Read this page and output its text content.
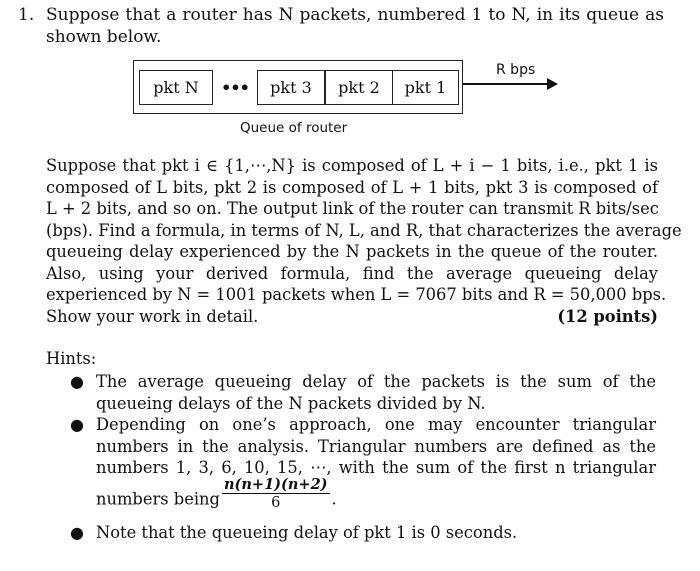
1. Suppose that a router has N packets, numbered 1 to N, in its queue as
shown below.
pkt N	•••	pkt 3	pkt 2	pkt 1
R bps
Queue of router
Suppose that pkt i ∈ {1,⋯,N} is composed of L + i − 1 bits, i.e., pkt 1 is
composed of L bits, pkt 2 is composed of L + 1 bits, pkt 3 is composed of
L + 2 bits, and so on. The output link of the router can transmit R bits/sec
(bps). Find a formula, in terms of N, L, and R, that characterizes the average
queueing delay experienced by the N packets in the queue of the router.
Also, using your derived formula, find the average queueing delay
experienced by N = 1001 packets when L = 7067 bits and R = 50,000 bps.
Show your work in detail.	(12 points)
Hints:
● The average queueing delay of the packets is the sum of the
queueing delays of the N packets divided by N.
● Depending on one’s approach, one may encounter triangular
numbers in the analysis. Triangular numbers are defined as the
numbers 1, 3, 6, 10, 15, ⋯, with the sum of the first n triangular
numbers being $\frac{n(n+1)(n+2)}{6}$ .
● Note that the queueing delay of pkt 1 is 0 seconds.
